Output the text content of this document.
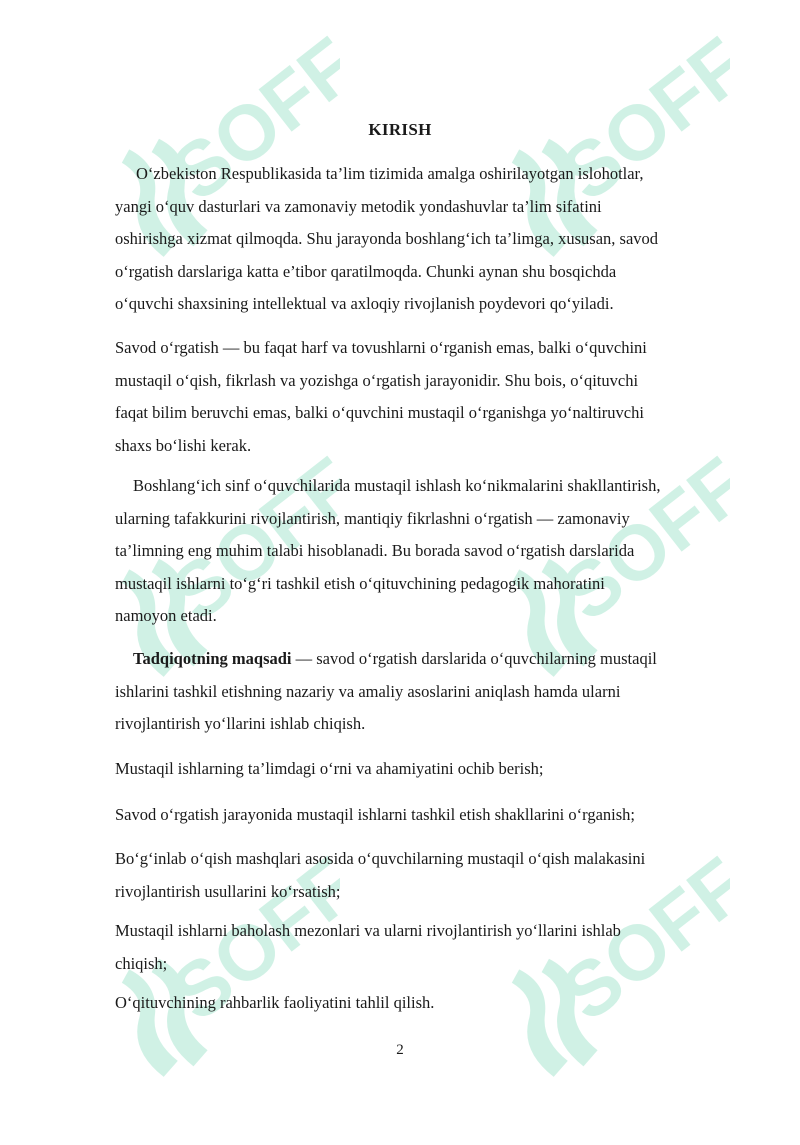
SOFF SOFF
SOFF SOFF
SOFF SOFF
KIRISH
O‘zbekiston Respublikasida ta’lim tizimida amalga oshirilayotgan islohotlar,
yangi o‘quv dasturlari va zamonaviy metodik yondashuvlar ta’lim sifatini
oshirishga xizmat qilmoqda. Shu jarayonda boshlang‘ich ta’limga, xususan, savod
o‘rgatish darslariga katta e’tibor qaratilmoqda. Chunki aynan shu bosqichda
o‘quvchi shaxsining intellektual va axloqiy rivojlanish poydevori qo‘yiladi.
Savod o‘rgatish — bu faqat harf va tovushlarni o‘rganish emas, balki o‘quvchini
mustaqil o‘qish, fikrlash va yozishga o‘rgatish jarayonidir. Shu bois, o‘qituvchi
faqat bilim beruvchi emas, balki o‘quvchini mustaqil o‘rganishga yo‘naltiruvchi
shaxs bo‘lishi kerak.
Boshlang‘ich sinf o‘quvchilarida mustaqil ishlash ko‘nikmalarini shakllantirish,
ularning tafakkurini rivojlantirish, mantiqiy fikrlashni o‘rgatish — zamonaviy
ta’limning eng muhim talabi hisoblanadi. Bu borada savod o‘rgatish darslarida
mustaqil ishlarni to‘g‘ri tashkil etish o‘qituvchining pedagogik mahoratini
namoyon etadi.
Tadqiqotning maqsadi — savod o‘rgatish darslarida o‘quvchilarning mustaqil
ishlarini tashkil etishning nazariy va amaliy asoslarini aniqlash hamda ularni
rivojlantirish yo‘llarini ishlab chiqish.
Mustaqil ishlarning ta’limdagi o‘rni va ahamiyatini ochib berish;
Savod o‘rgatish jarayonida mustaqil ishlarni tashkil etish shakllarini o‘rganish;
Bo‘g‘inlab o‘qish mashqlari asosida o‘quvchilarning mustaqil o‘qish malakasini
rivojlantirish usullarini ko‘rsatish;
Mustaqil ishlarni baholash mezonlari va ularni rivojlantirish yo‘llarini ishlab
chiqish;
O‘qituvchining rahbarlik faoliyatini tahlil qilish.
2
